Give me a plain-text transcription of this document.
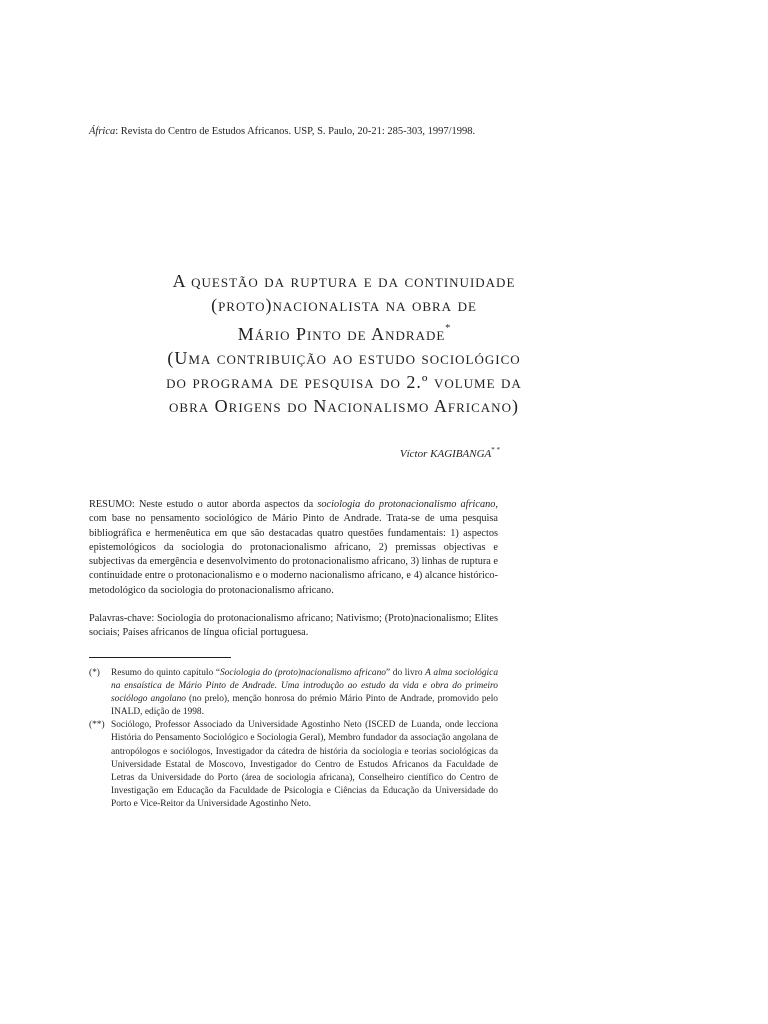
África: Revista do Centro de Estudos Africanos. USP, S. Paulo, 20-21: 285-303, 1997/1998.
A questão da ruptura e da continuidade
(proto)nacionalista na obra de
Mário Pinto de Andrade*
(Uma contribuição ao estudo sociológico
do programa de pesquisa do 2.º volume da
obra Origens do Nacionalismo Africano)
Víctor KAGIBANGA* *
RESUMO: Neste estudo o autor aborda aspectos da sociologia do protonacionalismo africano, com base no pensamento sociológico de Mário Pinto de Andrade. Trata-se de uma pesquisa bibliográfica e hermenêutica em que são destacadas quatro questões fundamentais: 1) aspectos epistemológicos da sociologia do protonacionalismo africano, 2) premissas objectivas e subjectivas da emergência e desenvolvimento do protonacionalismo africano, 3) linhas de ruptura e continuidade entre o protonacionalismo e o moderno nacionalismo africano, e 4) alcance histórico-metodológico da sociologia do protonacionalismo africano.
Palavras-chave: Sociologia do protonacionalismo africano; Nativismo; (Proto)nacionalismo; Elites sociais; Países africanos de língua oficial portuguesa.
(*)	Resumo do quinto capítulo “Sociologia do (proto)nacionalismo africano” do livro A alma sociológica na ensaística de Mário Pinto de Andrade. Uma introdução ao estudo da vida e obra do primeiro sociólogo angolano (no prelo), menção honrosa do prémio Mário Pinto de Andrade, promovido pelo INALD, edição de 1998.
(**) Sociólogo, Professor Associado da Universidade Agostinho Neto (ISCED de Luanda, onde lecciona História do Pensamento Sociológico e Sociologia Geral), Membro fundador da associação angolana de antropólogos e sociólogos, Investigador da cátedra de história da sociologia e teorias sociológicas da Universidade Estatal de Moscovo, Investigador do Centro de Estudos Africanos da Faculdade de Letras da Universidade do Porto (área de sociologia africana), Conselheiro científico do Centro de Investigação em Educação da Faculdade de Psicologia e Ciências da Educação da Universidade do Porto e Vice-Reitor da Universidade Agostinho Neto.
